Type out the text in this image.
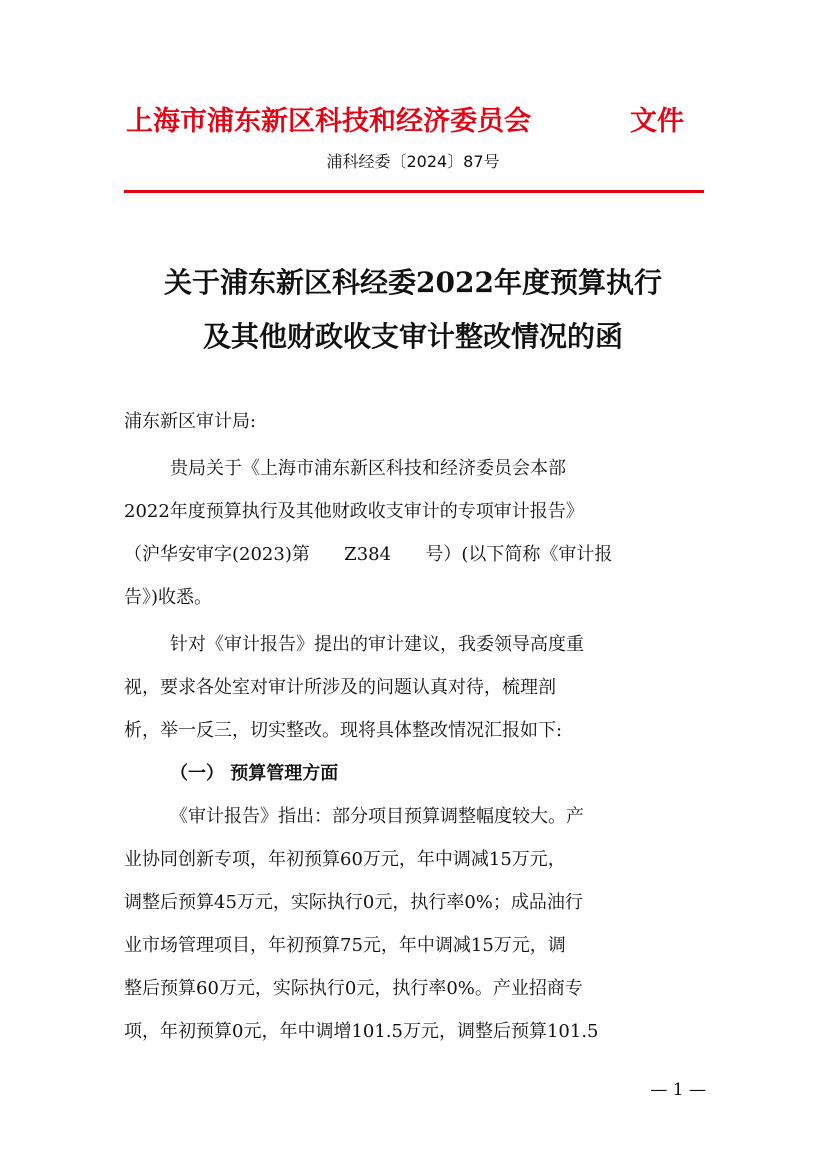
上海市浦东新区科技和经济委员会	文件
浦科经委〔2024〕87号
关于浦东新区科经委2022年度预算执行
及其他财政收支审计整改情况的函

浦东新区审计局:

贵局关于《上海市浦东新区科技和经济委员会本部

2022年度预算执行及其他财政收支审计的专项审计报告》

（沪华安审字(2023)第      Z384      号）(以下简称《审计报

告》)收悉。

针对《审计报告》提出的审计建议，我委领导高度重

视，要求各处室对审计所涉及的问题认真对待，梳理剖

析，举一反三，切实整改。现将具体整改情况汇报如下:

（一） 预算管理方面

《审计报告》指出：部分项目预算调整幅度较大。产

业协同创新专项，年初预算60万元，年中调减15万元，

调整后预算45万元，实际执行0元，执行率0%；成品油行

业市场管理项目，年初预算75元，年中调减15万元，调

整后预算60万元，实际执行0元，执行率0%。产业招商专

项，年初预算0元，年中调增101.5万元，调整后预算101.5

— 1 —
